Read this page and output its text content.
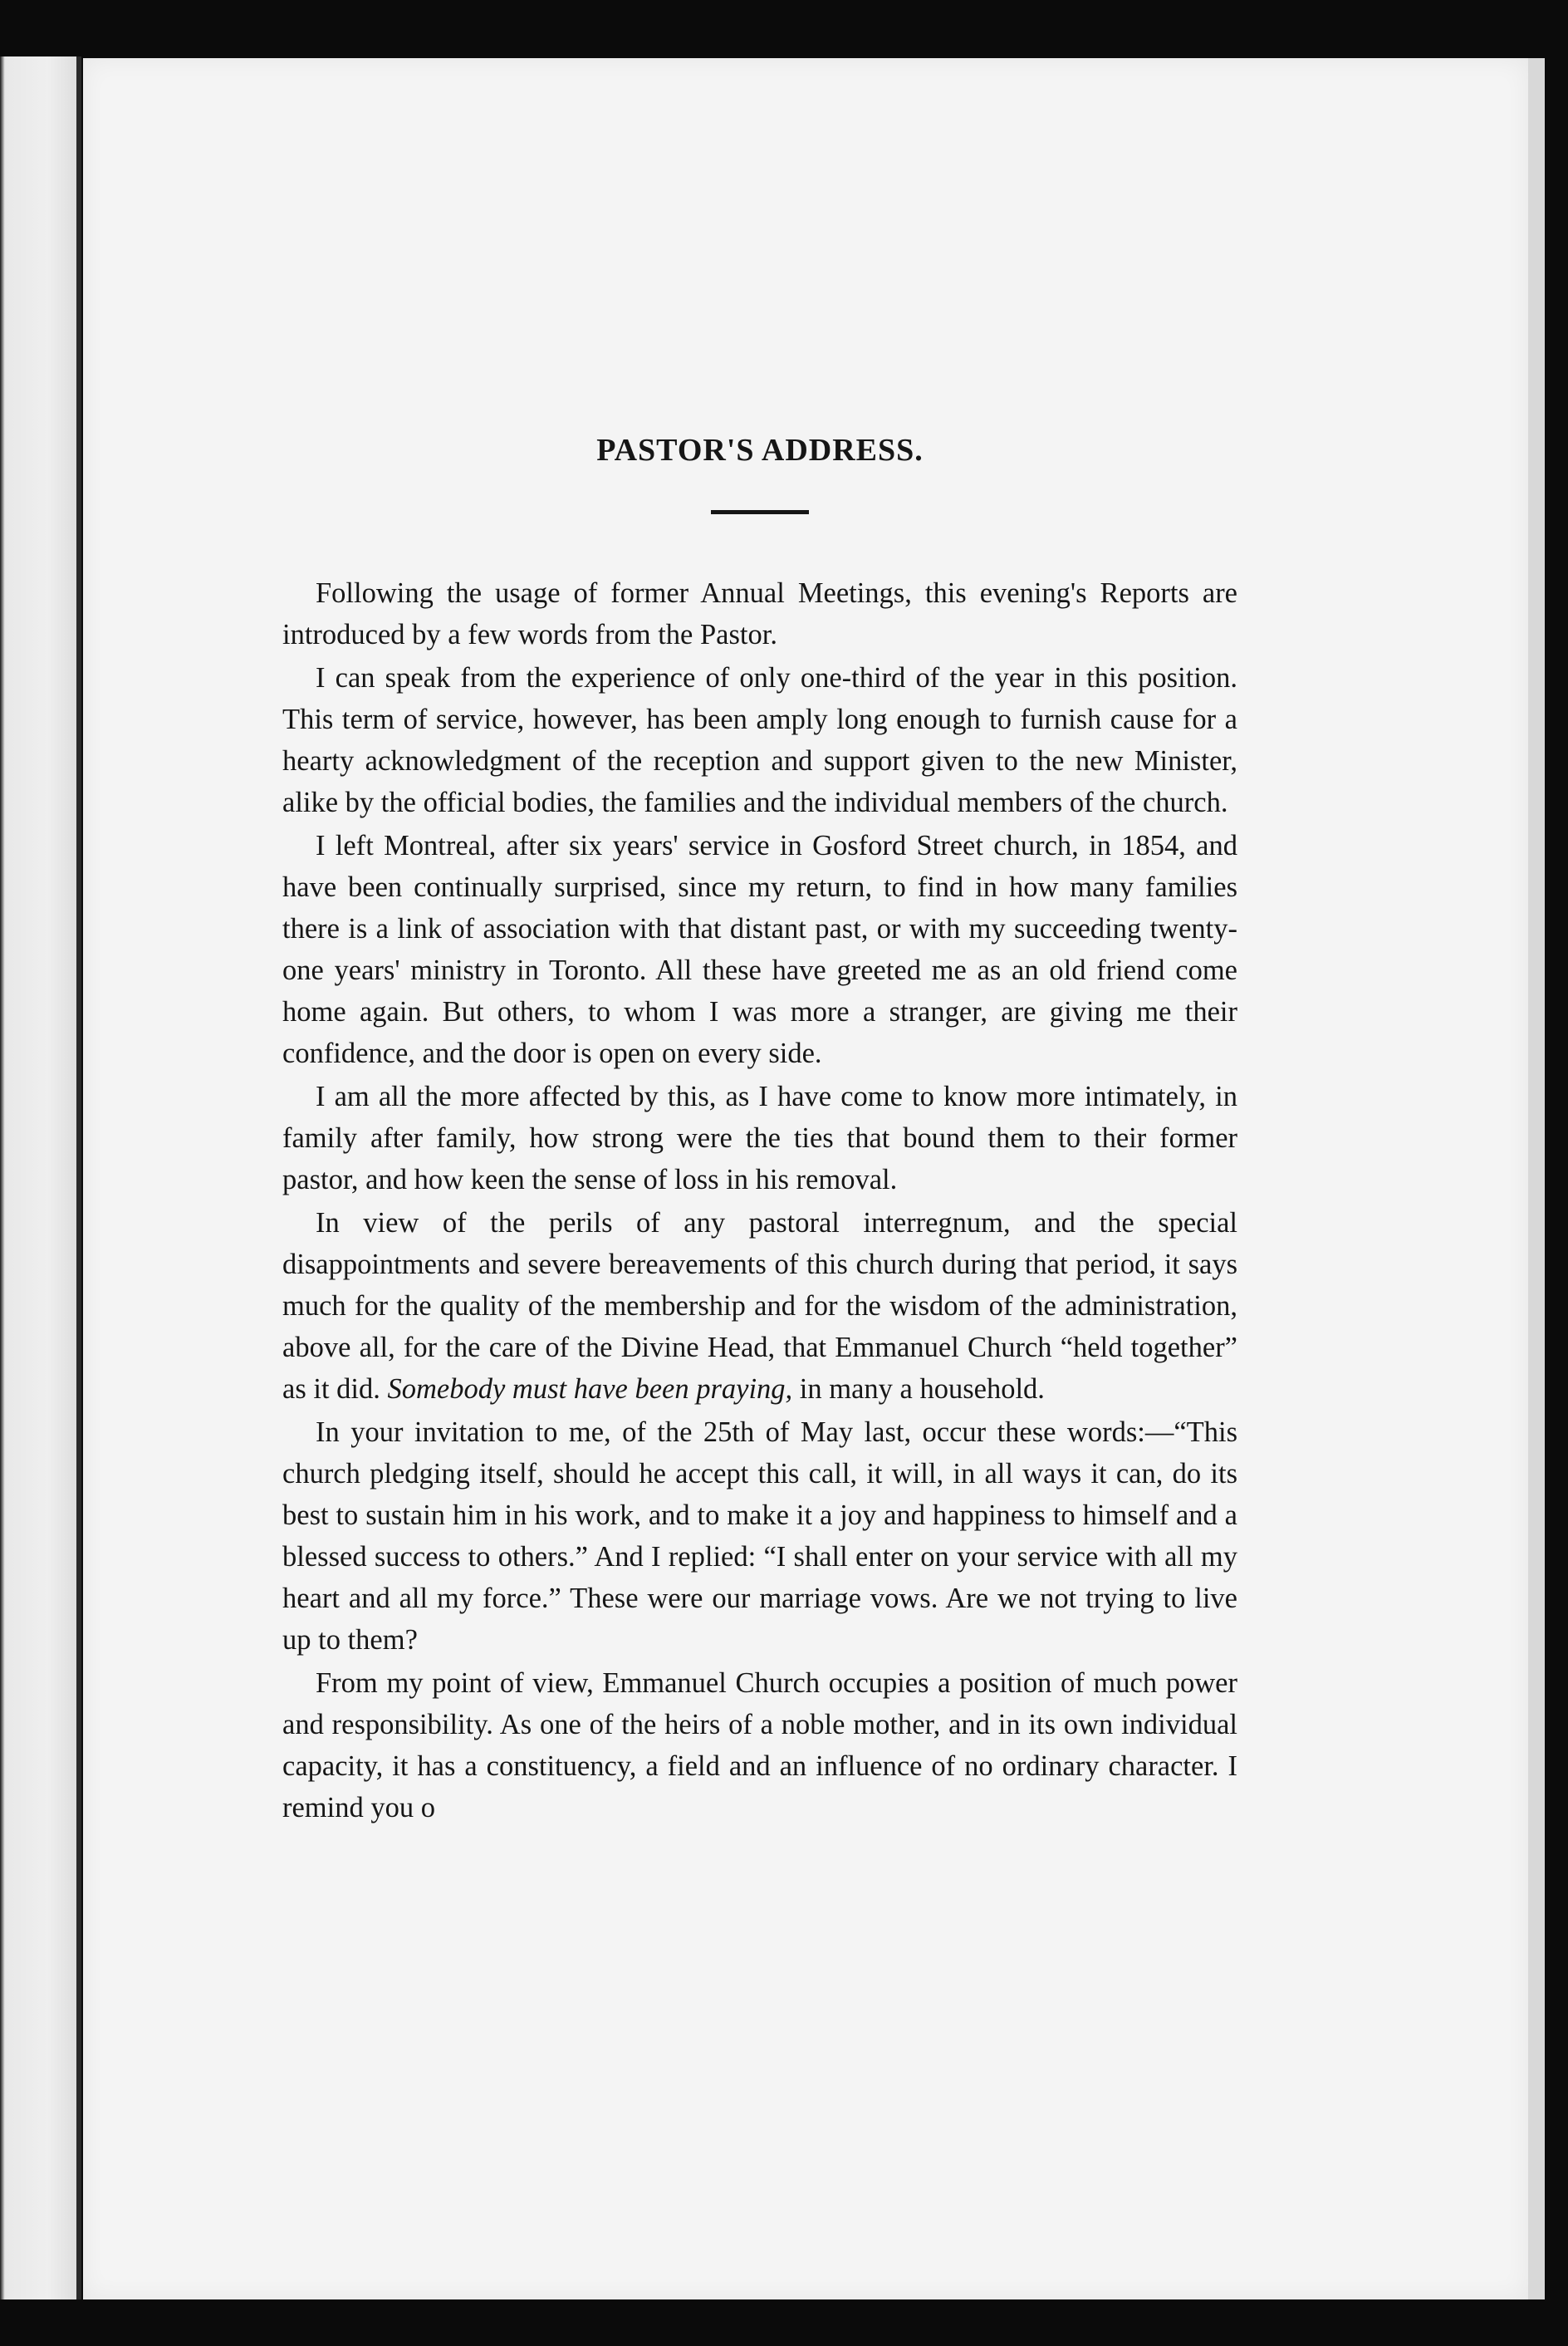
PASTOR'S ADDRESS.

Following the usage of former Annual Meetings, this evening's Reports are introduced by a few words from the Pastor.

I can speak from the experience of only one-third of the year in this position. This term of service, however, has been amply long enough to furnish cause for a hearty acknowledgment of the reception and support given to the new Minister, alike by the official bodies, the families and the individual members of the church.

I left Montreal, after six years' service in Gosford Street church, in 1854, and have been continually surprised, since my return, to find in how many families there is a link of association with that distant past, or with my succeeding twenty-one years' ministry in Toronto. All these have greeted me as an old friend come home again. But others, to whom I was more a stranger, are giving me their confidence, and the door is open on every side.

I am all the more affected by this, as I have come to know more intimately, in family after family, how strong were the ties that bound them to their former pastor, and how keen the sense of loss in his removal.

In view of the perils of any pastoral interregnum, and the special disappointments and severe bereavements of this church during that period, it says much for the quality of the membership and for the wisdom of the administration, above all, for the care of the Divine Head, that Emmanuel Church “held together” as it did. Somebody must have been praying, in many a household.

In your invitation to me, of the 25th of May last, occur these words:—“This church pledging itself, should he accept this call, it will, in all ways it can, do its best to sustain him in his work, and to make it a joy and happiness to himself and a blessed success to others.” And I replied: “I shall enter on your service with all my heart and all my force.” These were our marriage vows. Are we not trying to live up to them?

From my point of view, Emmanuel Church occupies a position of much power and responsibility. As one of the heirs of a noble mother, and in its own individual capacity, it has a constituency, a field and an influence of no ordinary character. I remind you o
